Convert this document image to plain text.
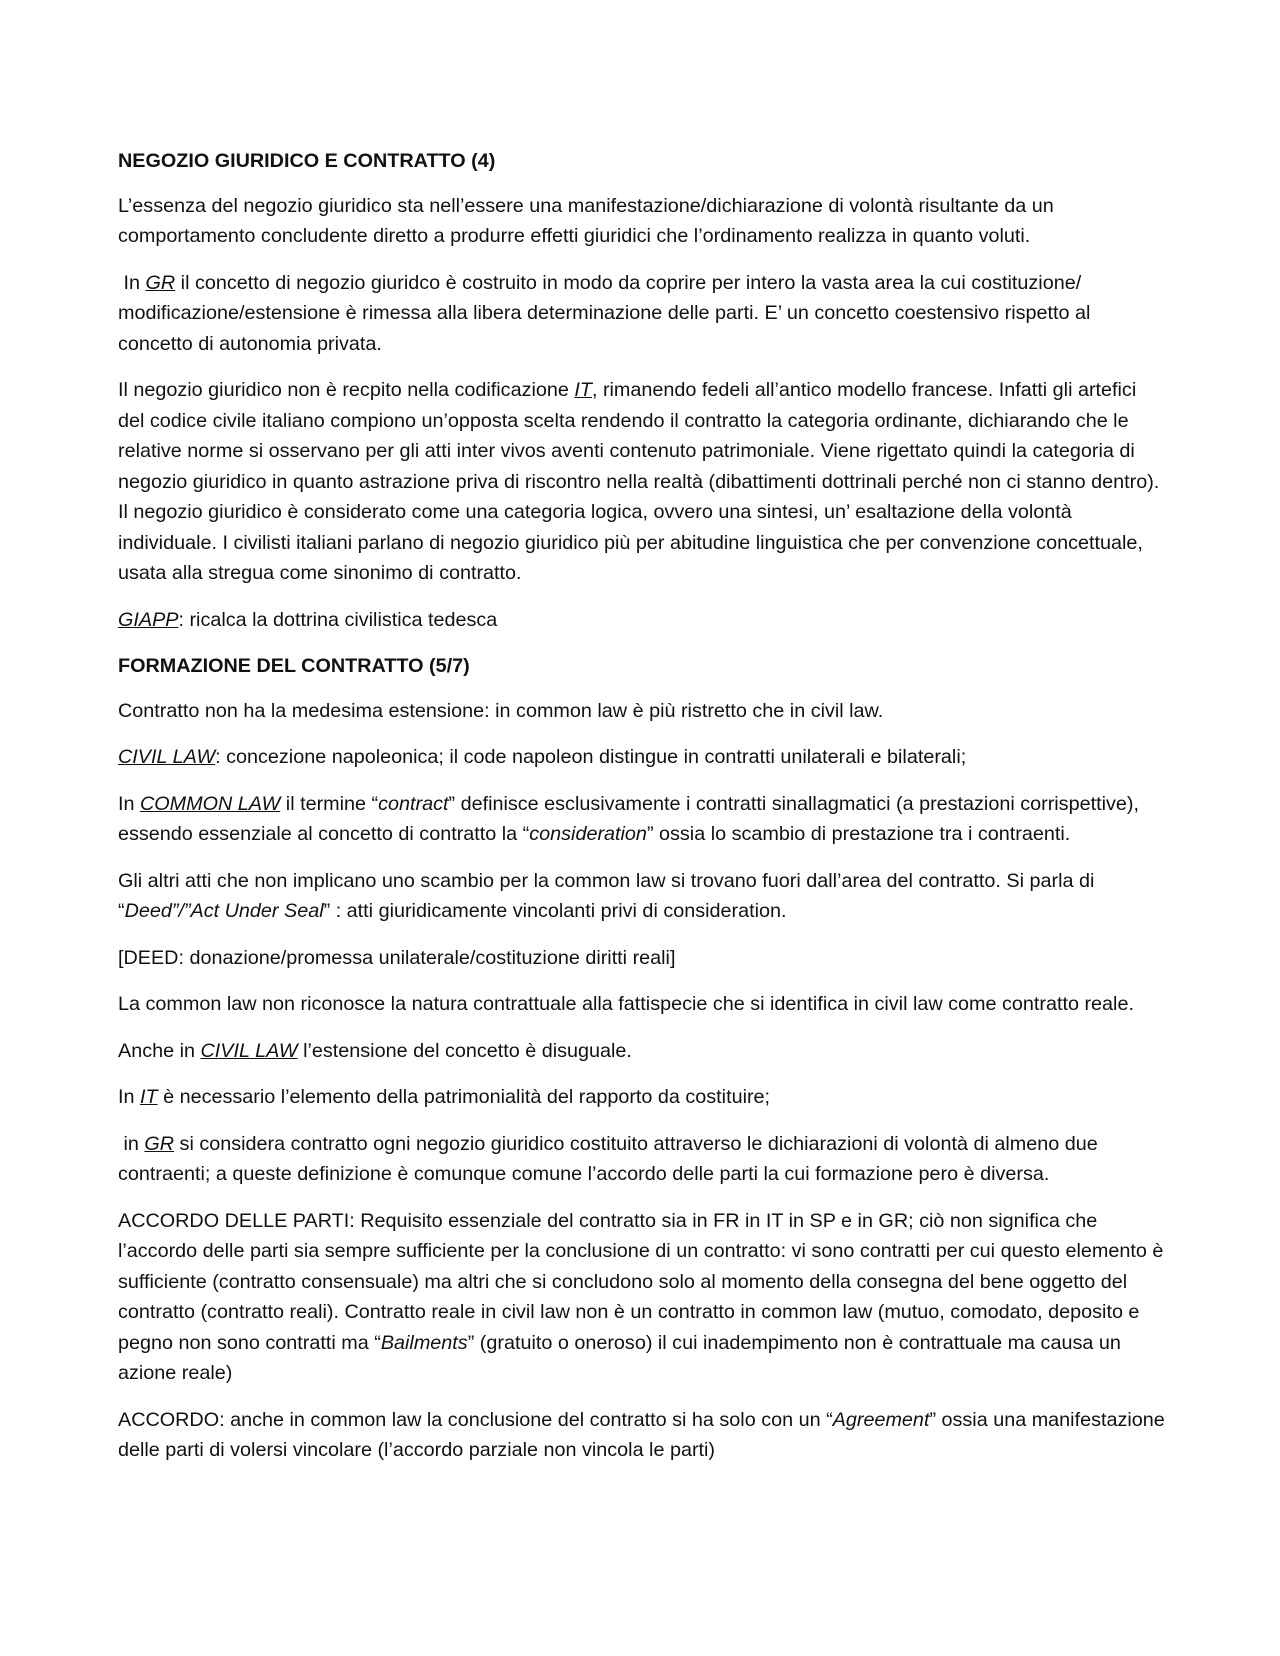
NEGOZIO GIURIDICO E CONTRATTO (4)

L’essenza del negozio giuridico sta nell’essere una manifestazione/dichiarazione di volontà risultante da un comportamento concludente diretto a produrre effetti giuridici che l’ordinamento realizza in quanto voluti.

In GR il concetto di negozio giuridco è costruito in modo da coprire per intero la vasta area la cui costituzione/ modificazione/estensione è rimessa alla libera determinazione delle parti. E’ un concetto coestensivo rispetto al concetto di autonomia privata.

Il negozio giuridico non è recpito nella codificazione IT, rimanendo fedeli all’antico modello francese. Infatti gli artefici del codice civile italiano compiono un’opposta scelta rendendo il contratto la categoria ordinante, dichiarando che le relative norme si osservano per gli atti inter vivos aventi contenuto patrimoniale. Viene rigettato quindi la categoria di negozio giuridico in quanto astrazione priva di riscontro nella realtà (dibattimenti dottrinali perché non ci stanno dentro). Il negozio giuridico è considerato come una categoria logica, ovvero una sintesi, un’ esaltazione della volontà individuale. I civilisti italiani parlano di negozio giuridico più per abitudine linguistica che per convenzione concettuale, usata alla stregua come sinonimo di contratto.

GIAPP: ricalca la dottrina civilistica tedesca

FORMAZIONE DEL CONTRATTO (5/7)

Contratto non ha la medesima estensione: in common law è più ristretto che in civil law.

CIVIL LAW: concezione napoleonica; il code napoleon distingue in contratti unilaterali e bilaterali;

In COMMON LAW il termine “contract” definisce esclusivamente i contratti sinallagmatici (a prestazioni corrispettive), essendo essenziale al concetto di contratto la “consideration” ossia lo scambio di prestazione tra i contraenti.

Gli altri atti che non implicano uno scambio per la common law si trovano fuori dall’area del contratto. Si parla di “Deed”/”Act Under Seal” : atti giuridicamente vincolanti privi di consideration.

[DEED: donazione/promessa unilaterale/costituzione diritti reali]

La common law non riconosce la natura contrattuale alla fattispecie che si identifica in civil law come contratto reale.

Anche in CIVIL LAW l’estensione del concetto è disuguale.

In IT è necessario l’elemento della patrimonialità del rapporto da costituire;

in GR si considera contratto ogni negozio giuridico costituito attraverso le dichiarazioni di volontà di almeno due contraenti; a queste definizione è comunque comune l’accordo delle parti la cui formazione pero è diversa.

ACCORDO DELLE PARTI: Requisito essenziale del contratto sia in FR in IT in SP e in GR; ciò non significa che l’accordo delle parti sia sempre sufficiente per la conclusione di un contratto: vi sono contratti per cui questo elemento è sufficiente (contratto consensuale) ma altri che si concludono solo al momento della consegna del bene oggetto del contratto (contratto reali). Contratto reale in civil law non è un contratto in common law (mutuo, comodato, deposito e pegno non sono contratti ma “Bailments” (gratuito o oneroso) il cui inadempimento non è contrattuale ma causa un azione reale)

ACCORDO: anche in common law la conclusione del contratto si ha solo con un “Agreement” ossia una manifestazione delle parti di volersi vincolare (l’accordo parziale non vincola le parti)
